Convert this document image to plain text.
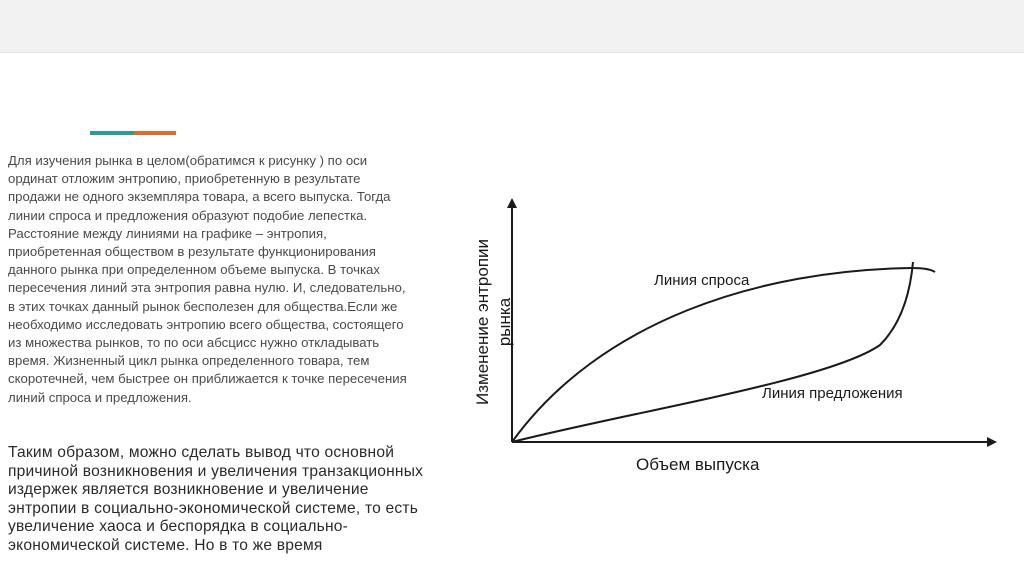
Для изучения рынка в целом(обратимся к рисунку ) по оси ординат отложим энтропию, приобретенную в результате продажи не одного экземпляра товара, а всего выпуска. Тогда линии спроса и предложения образуют подобие лепестка. Расстояние между линиями на графике – энтропия, приобретенная обществом в результате функционирования данного рынка при определенном объеме выпуска. В точках пересечения линий эта энтропия равна нулю. И, следовательно, в этих точках данный рынок бесполезен для общества.Если же необходимо исследовать энтропию всего общества, состоящего из множества рынков, то по оси абсцисс нужно откладывать время. Жизненный цикл рынка определенного товара, тем скоротечней, чем быстрее он приближается к точке пересечения линий спроса и предложения.

Таким образом, можно сделать вывод что основной причиной возникновения и увеличения транзакционных издержек является возникновение и увеличение энтропии в социально-экономической системе, то есть увеличение хаоса и беспорядка в социально-экономической системе. Но в то же время

Линия спроса
Линия предложения
Объем выпуска
Изменение энтропии рынка
